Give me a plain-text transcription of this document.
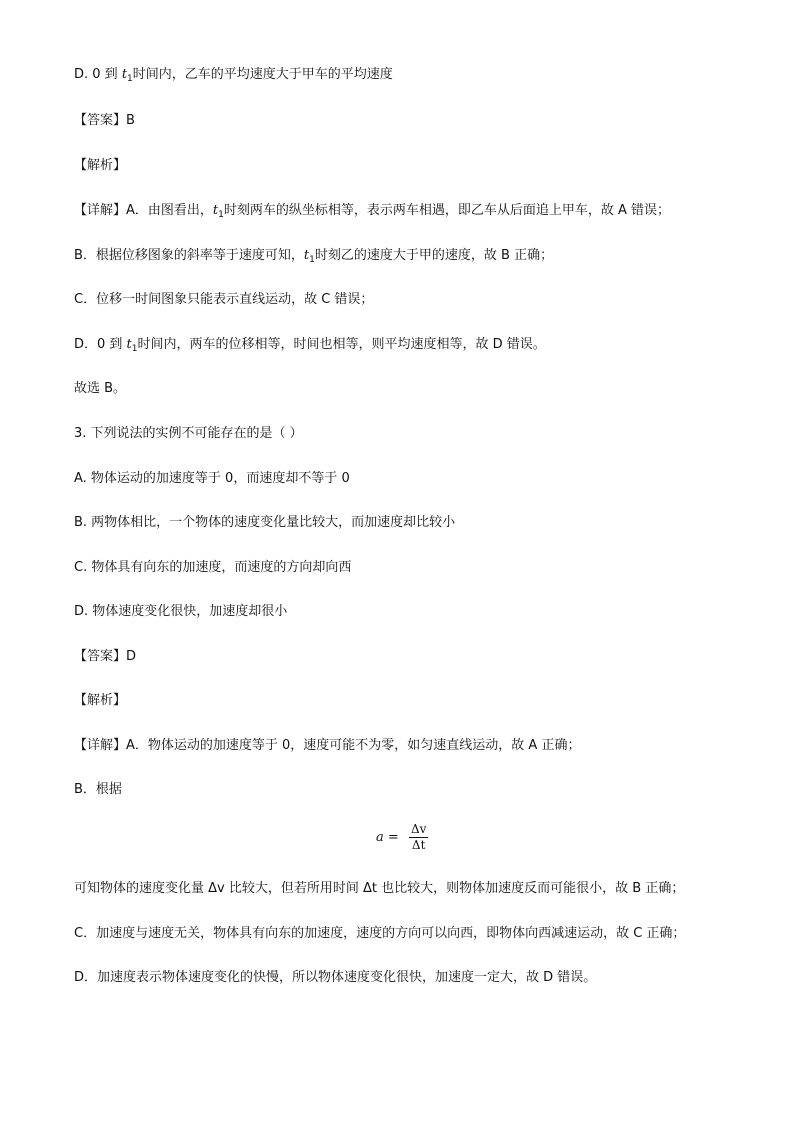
D. 0 到 $t_1$时间内，乙车的平均速度大于甲车的平均速度
【答案】B
【解析】
【详解】A．由图看出，$t_1$时刻两车的纵坐标相等，表示两车相遇，即乙车从后面追上甲车，故 A 错误；
B．根据位移图象的斜率等于速度可知，$t_1$时刻乙的速度大于甲的速度，故 B 正确；
C．位移一时间图象只能表示直线运动，故 C 错误；
D．0 到 $t_1$时间内，两车的位移相等，时间也相等，则平均速度相等，故 D 错误。
故选 B。
3. 下列说法的实例不可能存在的是（ ）
A. 物体运动的加速度等于 0，而速度却不等于 0
B. 两物体相比，一个物体的速度变化量比较大，而加速度却比较小
C. 物体具有向东的加速度，而速度的方向却向西
D. 物体速度变化很快，加速度却很小
【答案】D
【解析】
【详解】A．物体运动的加速度等于 0，速度可能不为零，如匀速直线运动，故 A 正确；
B．根据
$a = \frac{\Delta v}{\Delta t}$
可知物体的速度变化量 Δv 比较大，但若所用时间 Δt 也比较大，则物体加速度反而可能很小，故 B 正确；
C．加速度与速度无关，物体具有向东的加速度，速度的方向可以向西，即物体向西减速运动，故 C 正确；
D．加速度表示物体速度变化的快慢，所以物体速度变化很快，加速度一定大，故 D 错误。
